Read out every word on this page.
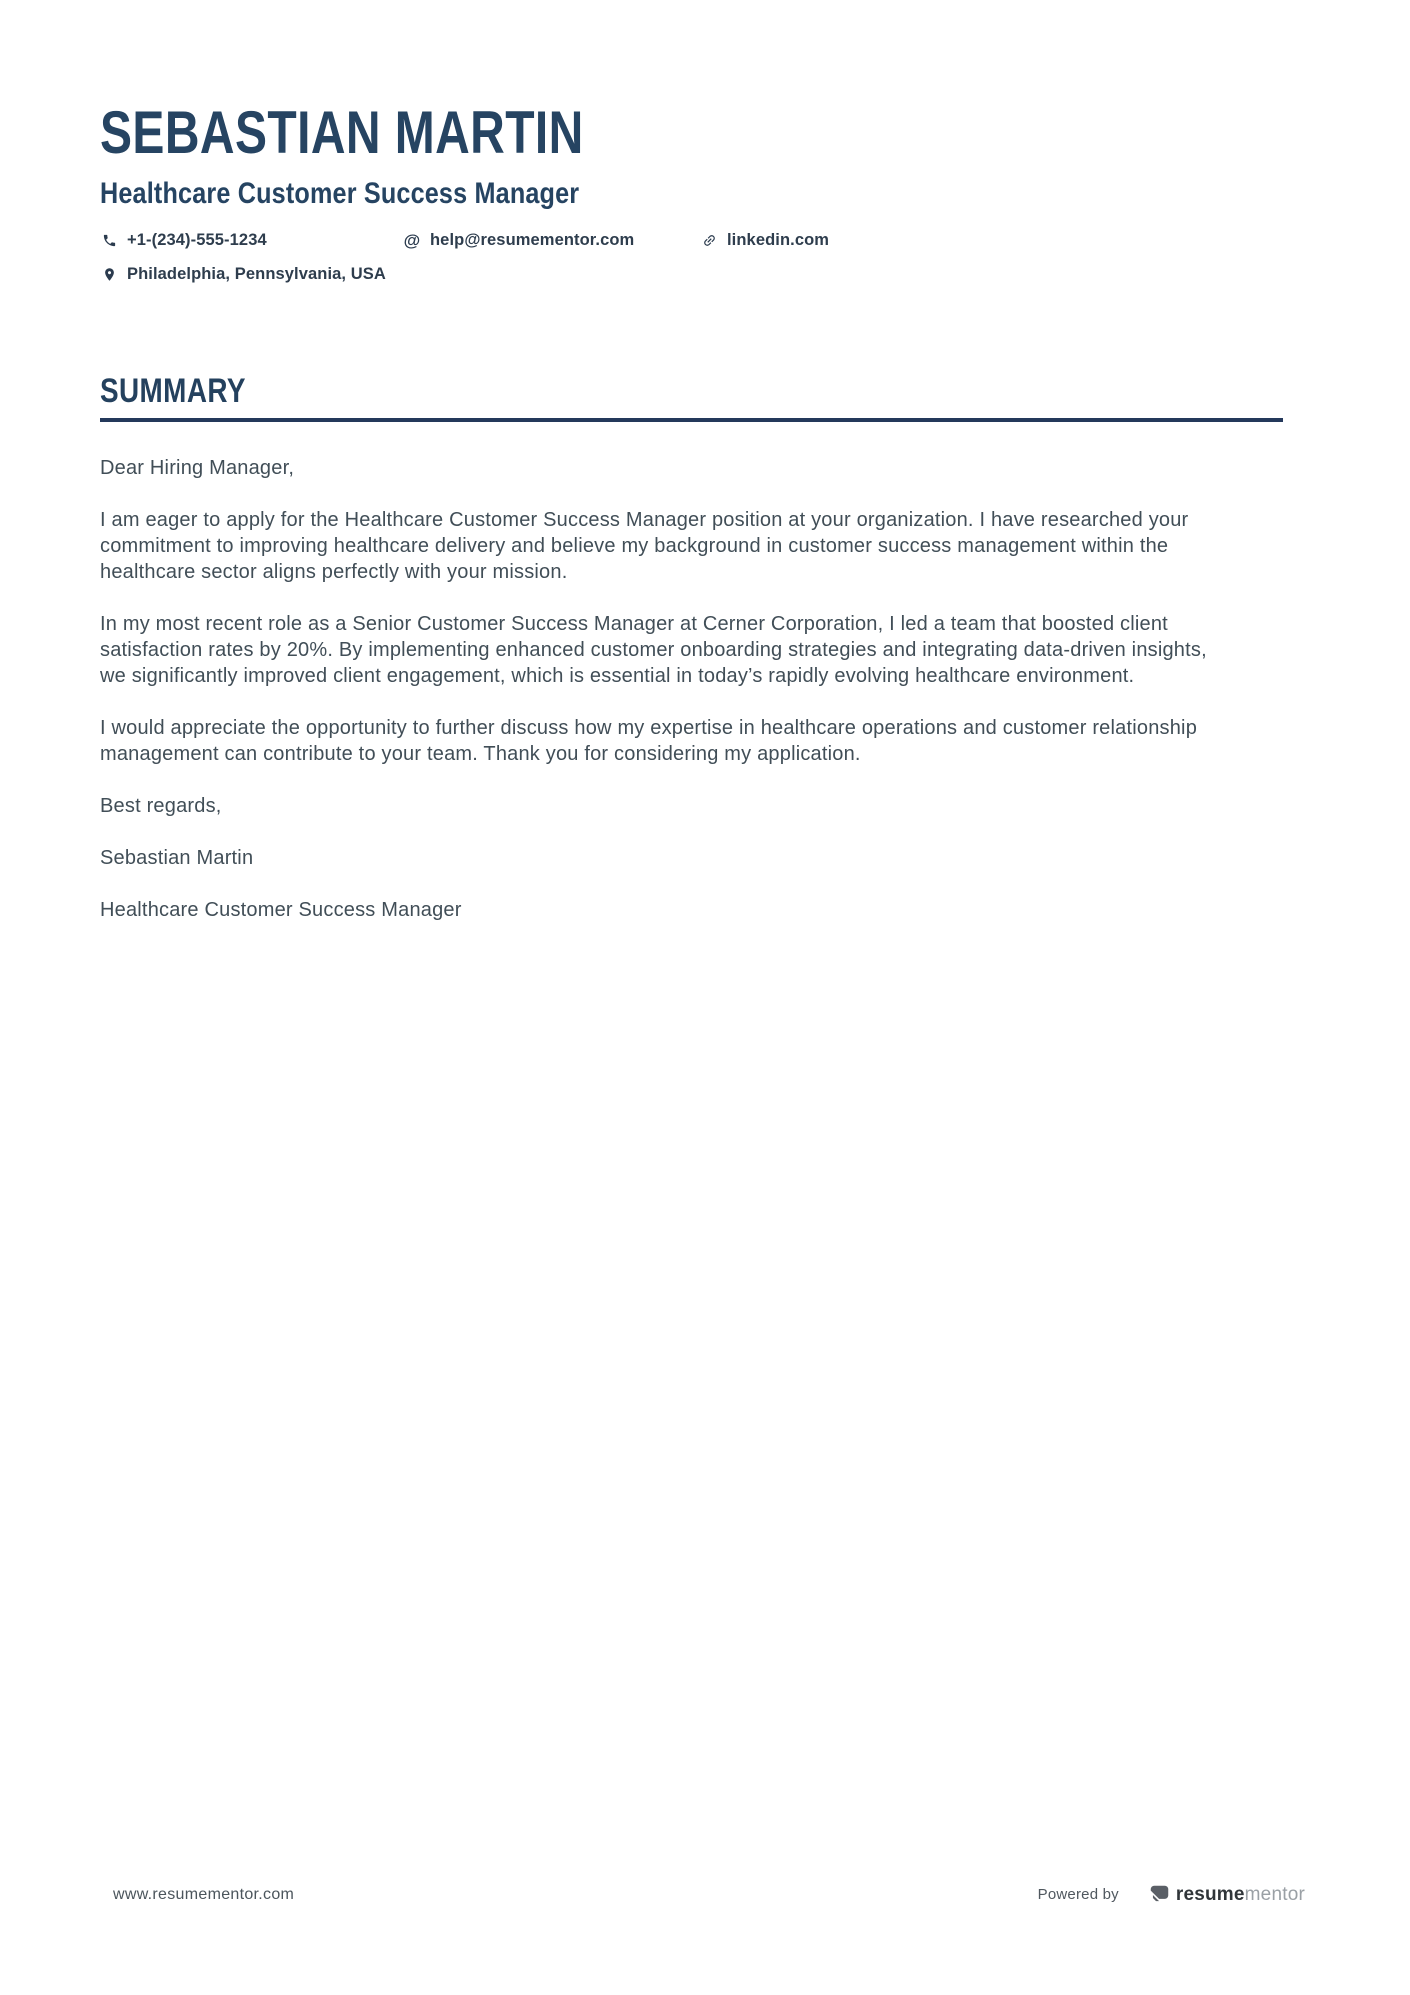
SEBASTIAN MARTIN
Healthcare Customer Success Manager
+1-(234)-555-1234	@ help@resumementor.com	linkedin.com
Philadelphia, Pennsylvania, USA
SUMMARY

Dear Hiring Manager,

I am eager to apply for the Healthcare Customer Success Manager position at your organization. I have researched your commitment to improving healthcare delivery and believe my background in customer success management within the healthcare sector aligns perfectly with your mission.

In my most recent role as a Senior Customer Success Manager at Cerner Corporation, I led a team that boosted client satisfaction rates by 20%. By implementing enhanced customer onboarding strategies and integrating data-driven insights, we significantly improved client engagement, which is essential in today’s rapidly evolving healthcare environment.

I would appreciate the opportunity to further discuss how my expertise in healthcare operations and customer relationship management can contribute to your team. Thank you for considering my application.

Best regards,

Sebastian Martin

Healthcare Customer Success Manager

www.resumementor.com	Powered by	resumementor
